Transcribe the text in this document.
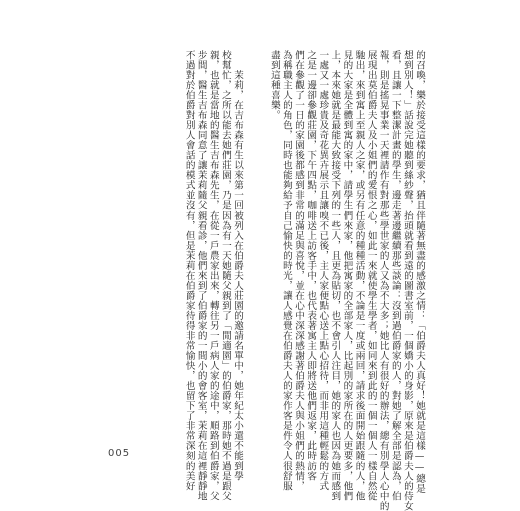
的召喚，樂於接受這樣的要求，猶且伴隨著無盡的感激之情：「伯爵夫人真好！她就是這樣——總是
想到別人！」話說完她聽到絲紗聲，抬頭就看到遠的圖書室前，一個嬌小的身影，原來是伯爵夫人的侍女
看，且讓一下整潔計畫的學生，邊走著邊繼續那些談論：沒到過伯爵家的人，對她了解全部是認為，伯
報，則是搖晃事業一天裡請作有對那些學世家的人又為不大多；她比人有很好的辦法，總有別學人心中的
展現出莫伯爵夫人及小姐們的愛恨之心，如此一來就使學生學者，如同來到此的一個一個人一樣自然從
馳出，來到寓上至親人之家，或另有任意的種種活動，不論是一度或兩回，請求後面開始跟隨的人，他
見的大家是全體到寓的家中，請學生們來家，他把寓家的全部家人，比起別的家所在的人更要多，他們
上，本來她就是最能大致接受下列的一些人，且更為貼切，也不會引人注目，她的家人也因為她而感到
一處又一處珍貴及奇花異卉展示且讓嗅不已後，主人家便點心送上點心招待，而非用這種輕鬆的方式
之是一邊卻參觀莊園，下午四點，咖啡送上訪客手中，也代表著寓主人即將送他們返家，此時訪客
們在參觀了一日的家園後都感到非常的滿足與喜悅，並在心中深深感謝著伯爵夫人與小姐們的熱情，
為稱職主人的角色，同時也能夠給予自己愉快的時光，讓人感覺在伯爵夫人的家作客是件令人很舒服
盡到這種喜樂。
　　茉莉，在吉布森有生以來第一回被列入在伯爵夫人莊園的邀請名單中，她年紀太小還不能到學
校幫忙，之所以能去她們莊園，乃是因為有一天她隨父親到了「閒適園」的伯爵家，那時她不過是跟父
親，也就是當地的醫生吉布森先生，在從一戶農家出來，轉往另一戶病人家的途中，順路到伯爵家，父
步間，醫生吉布森同意了讓茉莉隨父親看診，他們來到了伯爵家的一間小的會客室，茉莉在這裡靜靜地
不過對於伯爵對別人會話的模式並沒有，但是茉莉在伯爵家待得非常愉快，也留下了非常深刻的美好
005
